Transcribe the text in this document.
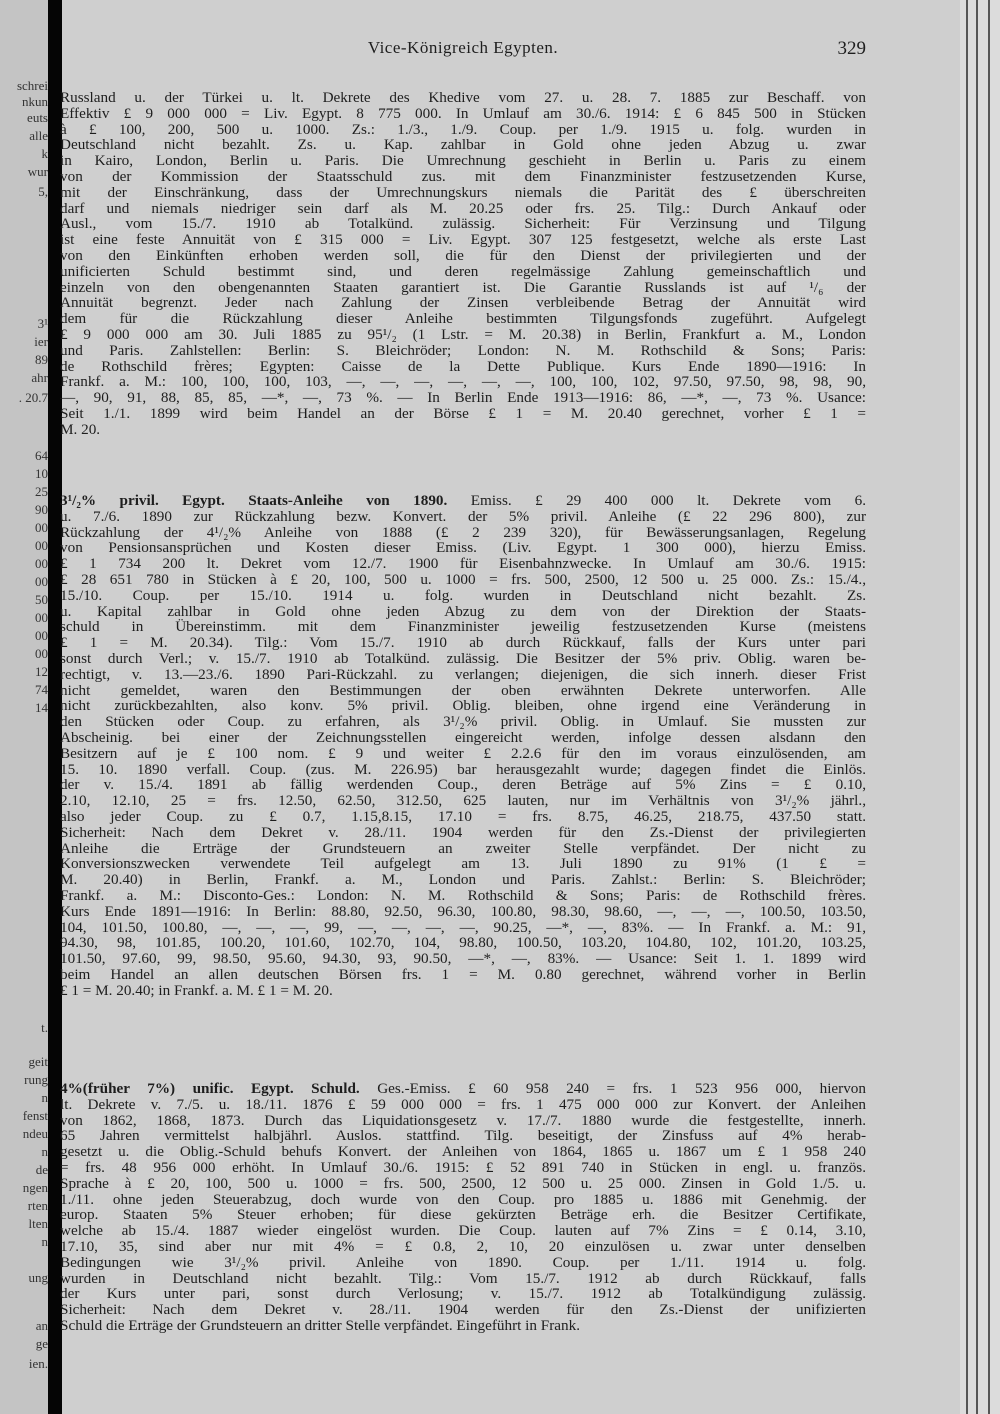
schrei
nkun
euts
alle
k
wur
5,
3¹
ier
89
ahr
. 20.7
64
10
25
90
00
00
00
00
50
00
00
00
12
74
14
t.
geit
rung
n
fenst
ndeu
n
de
ngen
rten
lten
n
ung
an
ge
ien.
Vice-Königreich Egypten.	329
Russland u. der Türkei u. lt. Dekrete des Khedive vom 27. u. 28. 7. 1885 zur Beschaff. von
Effektiv £ 9 000 000 = Liv. Egypt. 8 775 000. In Umlauf am 30./6. 1914: £ 6 845 500 in Stücken
à £ 100, 200, 500 u. 1000. Zs.: 1./3., 1./9. Coup. per 1./9. 1915 u. folg. wurden in
Deutschland nicht bezahlt. Zs. u. Kap. zahlbar in Gold ohne jeden Abzug u. zwar
in Kairo, London, Berlin u. Paris. Die Umrechnung geschieht in Berlin u. Paris zu einem
von der Kommission der Staatsschuld zus. mit dem Finanzminister festzusetzenden Kurse,
mit der Einschränkung, dass der Umrechnungskurs niemals die Parität des £ überschreiten
darf und niemals niedriger sein darf als M. 20.25 oder frs. 25. Tilg.: Durch Ankauf oder
Ausl., vom 15./7. 1910 ab Totalkünd. zulässig. Sicherheit: Für Verzinsung und Tilgung
ist eine feste Annuität von £ 315 000 = Liv. Egypt. 307 125 festgesetzt, welche als erste Last
von den Einkünften erhoben werden soll, die für den Dienst der privilegierten und der
unificierten Schuld bestimmt sind, und deren regelmässige Zahlung gemeinschaftlich und
einzeln von den obengenannten Staaten garantiert ist. Die Garantie Russlands ist auf ¹/₆ der
Annuität begrenzt. Jeder nach Zahlung der Zinsen verbleibende Betrag der Annuität wird
dem für die Rückzahlung dieser Anleihe bestimmten Tilgungsfonds zugeführt. Aufgelegt
£ 9 000 000 am 30. Juli 1885 zu 95¹/₂ (1 Lstr. = M. 20.38) in Berlin, Frankfurt a. M., London
und Paris. Zahlstellen: Berlin: S. Bleichröder; London: N. M. Rothschild & Sons; Paris:
de Rothschild frères; Egypten: Caisse de la Dette Publique. Kurs Ende 1890—1916: In
Frankf. a. M.: 100, 100, 100, 103, —, —, —, —, —, —, 100, 100, 102, 97.50, 97.50, 98, 98, 90,
—, 90, 91, 88, 85, 85, —*, —, 73 %. — In Berlin Ende 1913—1916: 86, —*, —, 73 %. Usance:
Seit 1./1. 1899 wird beim Handel an der Börse £ 1 = M. 20.40 gerechnet, vorher £ 1 =
M. 20.
3¹/₂% privil. Egypt. Staats-Anleihe von 1890. Emiss. £ 29 400 000 lt. Dekrete vom 6.
u. 7./6. 1890 zur Rückzahlung bezw. Konvert. der 5% privil. Anleihe (£ 22 296 800), zur
Rückzahlung der 4¹/₂% Anleihe von 1888 (£ 2 239 320), für Bewässerungsanlagen, Regelung
von Pensionsansprüchen und Kosten dieser Emiss. (Liv. Egypt. 1 300 000), hierzu Emiss.
£ 1 734 200 lt. Dekret vom 12./7. 1900 für Eisenbahnzwecke. In Umlauf am 30./6. 1915:
£ 28 651 780 in Stücken à £ 20, 100, 500 u. 1000 = frs. 500, 2500, 12 500 u. 25 000. Zs.: 15./4.,
15./10. Coup. per 15./10. 1914 u. folg. wurden in Deutschland nicht bezahlt. Zs.
u. Kapital zahlbar in Gold ohne jeden Abzug zu dem von der Direktion der Staats-
schuld in Übereinstimm. mit dem Finanzminister jeweilig festzusetzenden Kurse (meistens
£ 1 = M. 20.34). Tilg.: Vom 15./7. 1910 ab durch Rückkauf, falls der Kurs unter pari
sonst durch Verl.; v. 15./7. 1910 ab Totalkünd. zulässig. Die Besitzer der 5% priv. Oblig. waren be-
rechtigt, v. 13.—23./6. 1890 Pari-Rückzahl. zu verlangen; diejenigen, die sich innerh. dieser Frist
nicht gemeldet, waren den Bestimmungen der oben erwähnten Dekrete unterworfen. Alle
nicht zurückbezahlten, also konv. 5% privil. Oblig. bleiben, ohne irgend eine Veränderung in
den Stücken oder Coup. zu erfahren, als 3¹/₂% privil. Oblig. in Umlauf. Sie mussten zur
Abscheinig. bei einer der Zeichnungsstellen eingereicht werden, infolge dessen alsdann den
Besitzern auf je £ 100 nom. £ 9 und weiter £ 2.2.6 für den im voraus einzulösenden, am
15. 10. 1890 verfall. Coup. (zus. M. 226.95) bar herausgezahlt wurde; dagegen findet die Einlös.
der v. 15./4. 1891 ab fällig werdenden Coup., deren Beträge auf 5% Zins = £ 0.10,
2.10, 12.10, 25 = frs. 12.50, 62.50, 312.50, 625 lauten, nur im Verhältnis von 3¹/₂% jährl.,
also jeder Coup. zu £ 0.7, 1.15,8.15, 17.10 = frs. 8.75, 46.25, 218.75, 437.50 statt.
Sicherheit: Nach dem Dekret v. 28./11. 1904 werden für den Zs.-Dienst der privilegierten
Anleihe die Erträge der Grundsteuern an zweiter Stelle verpfändet. Der nicht zu
Konversionszwecken verwendete Teil aufgelegt am 13. Juli 1890 zu 91% (1 £ =
M. 20.40) in Berlin, Frankf. a. M., London und Paris. Zahlst.: Berlin: S. Bleichröder;
Frankf. a. M.: Disconto-Ges.: London: N. M. Rothschild & Sons; Paris: de Rothschild frères.
Kurs Ende 1891—1916: In Berlin: 88.80, 92.50, 96.30, 100.80, 98.30, 98.60, —, —, —, 100.50, 103.50,
104, 101.50, 100.80, —, —, —, 99, —, —, —, —, 90.25, —*, —, 83%. — In Frankf. a. M.: 91,
94.30, 98, 101.85, 100.20, 101.60, 102.70, 104, 98.80, 100.50, 103.20, 104.80, 102, 101.20, 103.25,
101.50, 97.60, 99, 98.50, 95.60, 94.30, 93, 90.50, —*, —, 83%. — Usance: Seit 1. 1. 1899 wird
beim Handel an allen deutschen Börsen frs. 1 = M. 0.80 gerechnet, während vorher in Berlin
£ 1 = M. 20.40; in Frankf. a. M. £ 1 = M. 20.
4%(früher 7%) unific. Egypt. Schuld. Ges.-Emiss. £ 60 958 240 = frs. 1 523 956 000, hiervon
lt. Dekrete v. 7./5. u. 18./11. 1876 £ 59 000 000 = frs. 1 475 000 000 zur Konvert. der Anleihen
von 1862, 1868, 1873. Durch das Liquidationsgesetz v. 17./7. 1880 wurde die festgestellte, innerh.
65 Jahren vermittelst halbjährl. Auslos. stattfind. Tilg. beseitigt, der Zinsfuss auf 4% herab-
gesetzt u. die Oblig.-Schuld behufs Konvert. der Anleihen von 1864, 1865 u. 1867 um £ 1 958 240
= frs. 48 956 000 erhöht. In Umlauf 30./6. 1915: £ 52 891 740 in Stücken in engl. u. französ.
Sprache à £ 20, 100, 500 u. 1000 = frs. 500, 2500, 12 500 u. 25 000. Zinsen in Gold 1./5. u.
1./11. ohne jeden Steuerabzug, doch wurde von den Coup. pro 1885 u. 1886 mit Genehmig. der
europ. Staaten 5% Steuer erhoben; für diese gekürzten Beträge erh. die Besitzer Certifikate,
welche ab 15./4. 1887 wieder eingelöst wurden. Die Coup. lauten auf 7% Zins = £ 0.14, 3.10,
17.10, 35, sind aber nur mit 4% = £ 0.8, 2, 10, 20 einzulösen u. zwar unter denselben
Bedingungen wie 3¹/₂% privil. Anleihe von 1890. Coup. per 1./11. 1914 u. folg.
wurden in Deutschland nicht bezahlt. Tilg.: Vom 15./7. 1912 ab durch Rückkauf, falls
der Kurs unter pari, sonst durch Verlosung; v. 15./7. 1912 ab Totalkündigung zulässig.
Sicherheit: Nach dem Dekret v. 28./11. 1904 werden für den Zs.-Dienst der unifizierten
Schuld die Erträge der Grundsteuern an dritter Stelle verpfändet. Eingeführt in Frank.
